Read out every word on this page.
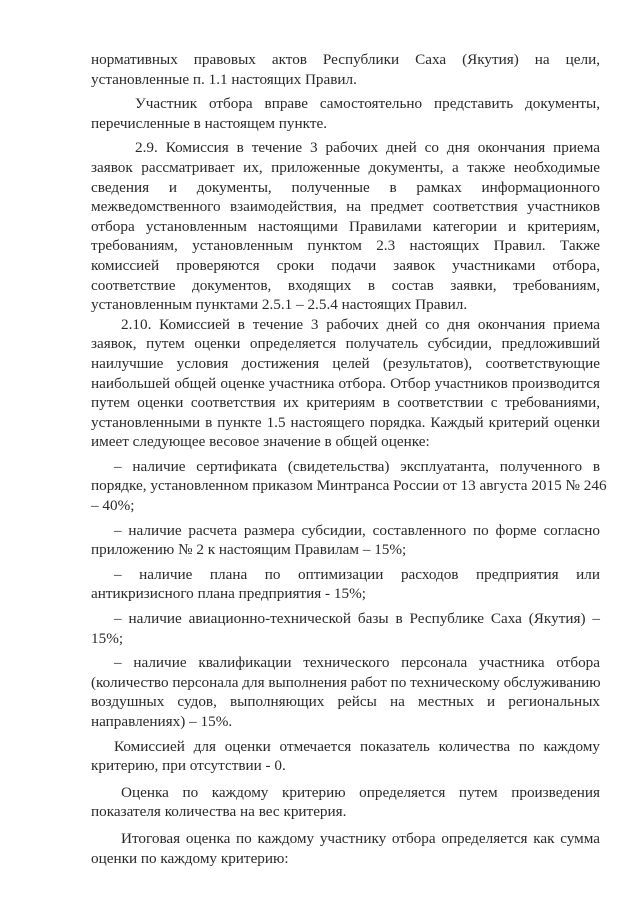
нормативных правовых актов Республики Саха (Якутия) на цели,
установленные п. 1.1 настоящих Правил.
Участник отбора вправе самостоятельно представить документы,
перечисленные в настоящем пункте.
2.9. Комиссия в течение 3 рабочих дней со дня окончания приема
заявок рассматривает их, приложенные документы, а также необходимые
сведения и документы, полученные в рамках информационного
межведомственного взаимодействия, на предмет соответствия участников
отбора установленным настоящими Правилами категории и критериям,
требованиям, установленным пунктом 2.3 настоящих Правил. Также
комиссией проверяются сроки подачи заявок участниками отбора,
соответствие документов, входящих в состав заявки, требованиям,
установленным пунктами 2.5.1 – 2.5.4 настоящих Правил.
2.10. Комиссией в течение 3 рабочих дней со дня окончания приема
заявок, путем оценки определяется получатель субсидии, предложивший
наилучшие условия достижения целей (результатов), соответствующие
наибольшей общей оценке участника отбора. Отбор участников производится
путем оценки соответствия их критериям в соответствии с требованиями,
установленными в пункте 1.5 настоящего порядка. Каждый критерий оценки
имеет следующее весовое значение в общей оценке:
– наличие сертификата (свидетельства) эксплуатанта, полученного в
порядке, установленном приказом Минтранса России от 13 августа 2015 № 246
– 40%;
– наличие расчета размера субсидии, составленного по форме согласно
приложению № 2 к настоящим Правилам – 15%;
– наличие плана по оптимизации расходов предприятия или
антикризисного плана предприятия - 15%;
– наличие авиационно-технической базы в Республике Саха (Якутия) –
15%;
– наличие квалификации технического персонала участника отбора
(количество персонала для выполнения работ по техническому обслуживанию
воздушных судов, выполняющих рейсы на местных и региональных
направлениях) – 15%.
Комиссией для оценки отмечается показатель количества по каждому
критерию, при отсутствии - 0.
Оценка по каждому критерию определяется путем произведения
показателя количества на вес критерия.
Итоговая оценка по каждому участнику отбора определяется как сумма
оценки по каждому критерию:
